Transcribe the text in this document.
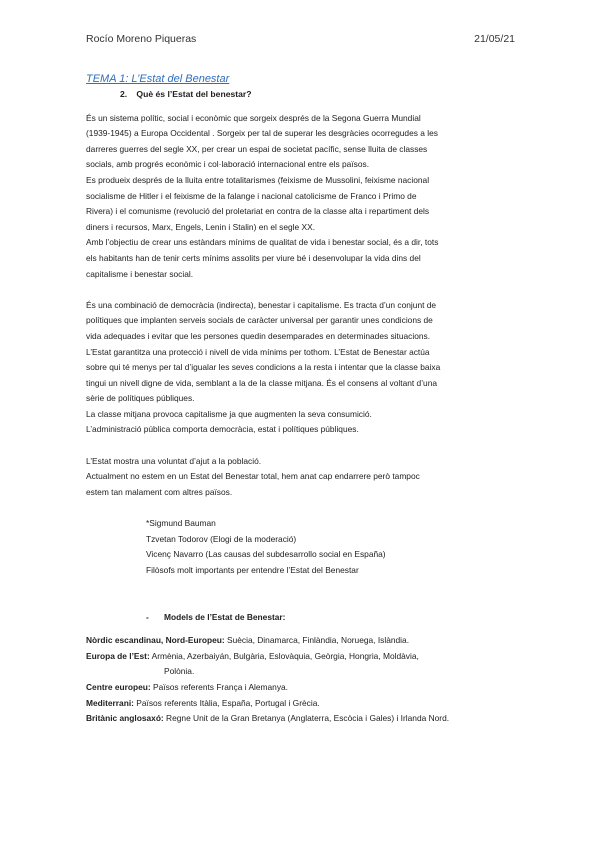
Rocío Moreno Piqueras	21/05/21
TEMA 1: L’Estat del Benestar
2. Què és l’Estat del benestar?
És un sistema polític, social i econòmic que sorgeix després de la Segona Guerra Mundial
(1939-1945) a Europa Occidental . Sorgeix per tal de superar les desgràcies ocorregudes a les
darreres guerres del segle XX, per crear un espai de societat pacífic, sense lluita de classes
socials, amb progrés econòmic i col·laboració internacional entre els països.
Es produeix després de la lluita entre totalitarismes (feixisme de Mussolini, feixisme nacional
socialisme de Hitler i el feixisme de la falange i nacional catolicisme de Franco i Primo de
Rivera) i el comunisme (revolució del proletariat en contra de la classe alta i repartiment dels
diners i recursos, Marx, Engels, Lenin i Stalin) en el segle XX.
Amb l’objectiu de crear uns estàndars mínims de qualitat de vida i benestar social, és a dir, tots
els habitants han de tenir certs mínims assolits per viure bé i desenvolupar la vida dins del
capitalisme i benestar social.
És una combinació de democràcia (indirecta), benestar i capitalisme. Es tracta d’un conjunt de
polítiques que implanten serveis socials de caràcter universal per garantir unes condicions de
vida adequades i evitar que les persones quedin desemparades en determinades situacions.
L’Estat garantitza una protecció i nivell de vida mínims per tothom. L’Estat de Benestar actúa
sobre qui té menys per tal d’igualar les seves condicions a la resta i intentar que la classe baixa
tingui un nivell digne de vida, semblant a la de la classe mitjana. És el consens al voltant d’una
sèrie de polítiques públiques.
La classe mitjana provoca capitalisme ja que augmenten la seva consumició.
L’administració pública comporta democràcia, estat i polítiques públiques.
L’Estat mostra una voluntat d’ajut a la població.
Actualment no estem en un Estat del Benestar total, hem anat cap endarrere però tampoc
estem tan malament com altres països.
*Sigmund Bauman
Tzvetan Todorov (Elogi de la moderació)
Vicenç Navarro (Las causas del subdesarrollo social en España)
Filòsofs molt importants per entendre l’Estat del Benestar
- Models de l’Estat de Benestar:
Nòrdic escandinau, Nord-Europeu: Suècia, Dinamarca, Finlàndia, Noruega, Islàndia.
Europa de l’Est: Armènia, Azerbaiyán, Bulgària, Eslovàquia, Geòrgia, Hongria, Moldàvia,
Polònia.
Centre europeu: Països referents França i Alemanya.
Mediterrani: Països referents Itàlia, España, Portugal i Grècia.
Britànic anglosaxó: Regne Unit de la Gran Bretanya (Anglaterra, Escòcia i Gales) i Irlanda Nord.
